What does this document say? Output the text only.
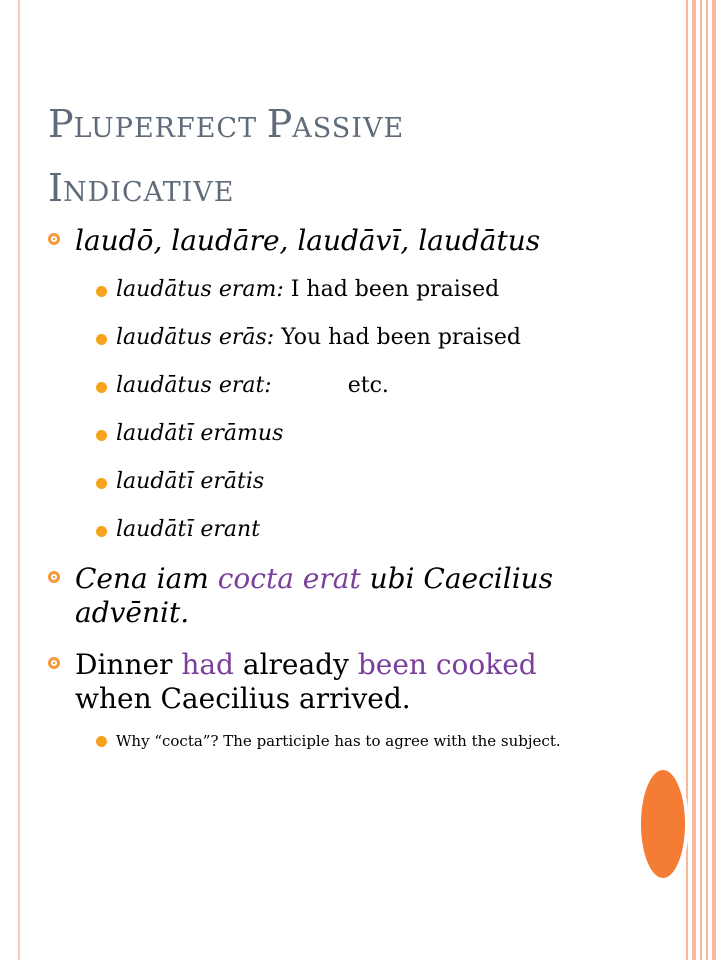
PLUPERFECT PASSIVE
INDICATIVE
laudō, laudāre, laudāvī, laudātus
laudātus eram: I had been praised
laudātus erās: You had been praised
laudātus erat:	etc.
laudātī erāmus
laudātī erātis
laudātī erant
Cena iam cocta erat ubi Caecilius advēnit.
Dinner had already been cooked when Caecilius arrived.
Why “cocta”? The participle has to agree with the subject.
